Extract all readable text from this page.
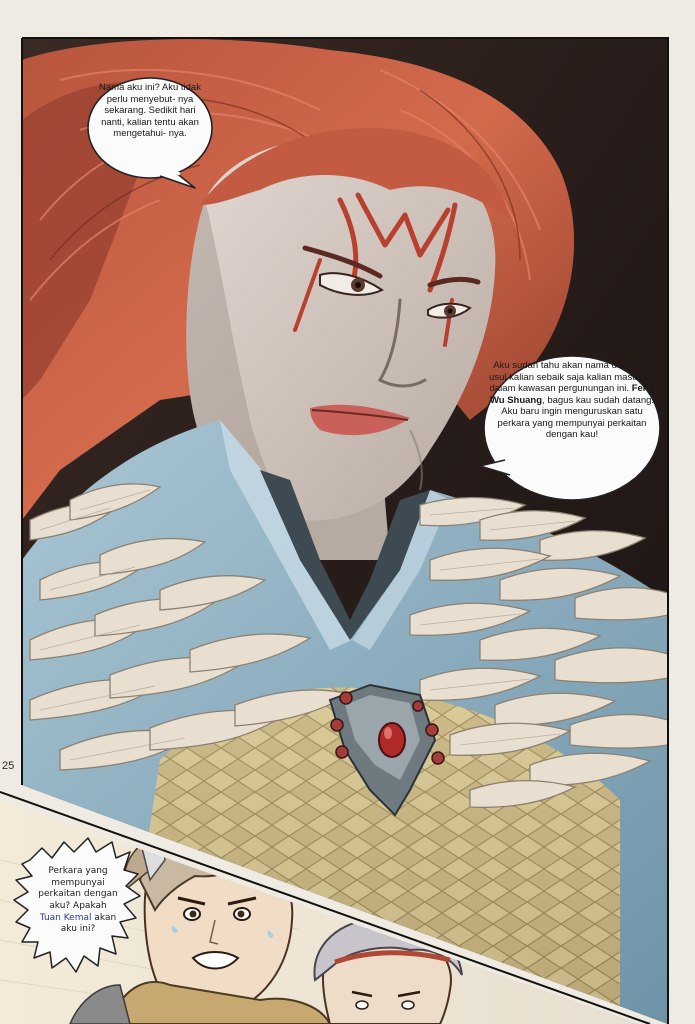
25
Nama aku ini? Aku tidak perlu menyebut- nya sekarang. Sedikit hari nanti, kalian tentu akan mengetahui- nya.
Aku sudah tahu akan nama dan asal-usul kalian sebaik saja kalian masuk ke dalam kawasan pergunungan ini. Feng Wu Shuang, bagus kau sudah datang. Aku baru ingin menguruskan satu perkara yang mempunyai perkaitan dengan kau!
Perkara yang mempunyai perkaitan dengan aku? Apakah Tuan Kemal akan aku ini?
